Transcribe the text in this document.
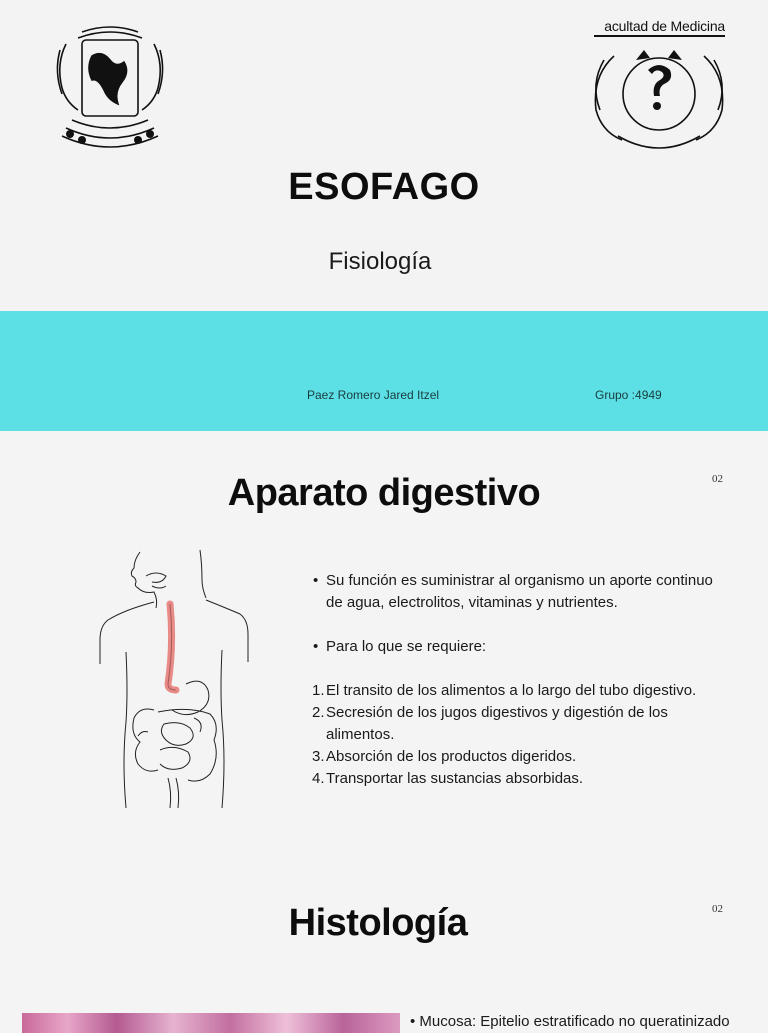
acultad de Medicina
ESOFAGO
Fisiología
Paez Romero Jared Itzel	Grupo :4949
Aparato digestivo	02
• Su función es suministrar al organismo un aporte continuo de agua, electrolitos, vitaminas y nutrientes.
• Para lo que se requiere:
1. El transito de los alimentos a lo largo del tubo digestivo.
2. Secresión de los jugos digestivos y digestión de los alimentos.
3. Absorción de los productos digeridos.
4. Transportar las sustancias absorbidas.
Histología	02
• Mucosa: Epitelio estratificado no queratinizado
